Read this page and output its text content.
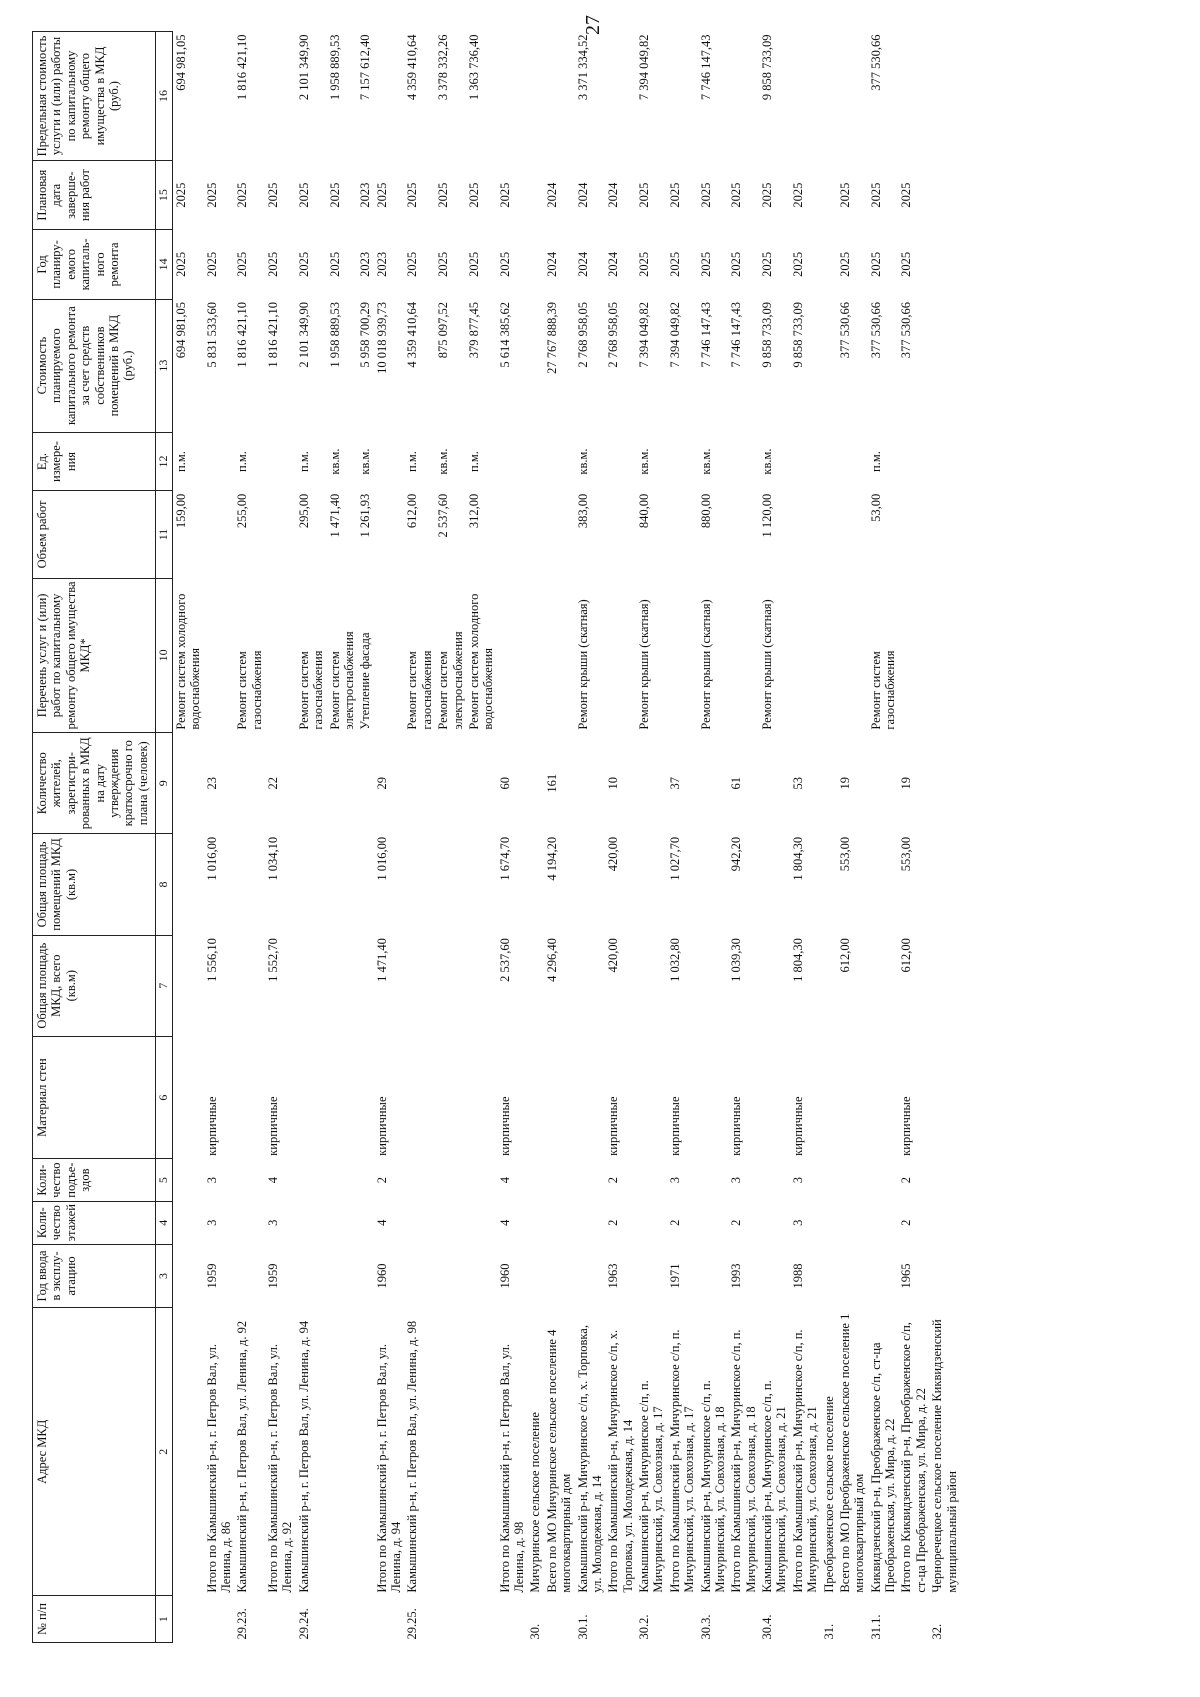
27
№ п/п	Адрес МКД	Год ввода в эксплу-атацию	Коли-чество этажей	Коли-чество подъе-здов	Материал стен	Общая площадь МКД, всего (кв.м)	Общая площадь помещений МКД (кв.м)	Количество жителей, зарегистри-рованных в МКД на дату утверждения краткосрочно го плана (человек)	Перечень услуг и (или) работ по капитальному ремонту общего имущества МКД*	Объем работ	Ед. измере-ния	Стоимость планируемого капитального ремонта за счет средств собственников помещений в МКД (руб.)	Год планиру-емого капиталь-ного ремонта	Плановая дата заверше-ния работ	Предельная стоимость услуги и (или) работы по капитальному ремонту общего имущества в МКД (руб.)
1	2	3	4	5	6	7	8	9	10	11	12	13	14	15	16
									Ремонт систем холодного водоснабжения	159,00	п.м.	694 981,05	2025	2025	694 981,05
	Итого по Камышинский р-н, г. Петров Вал, ул. Ленина, д. 86	1959	3	3	кирпичные	1 556,10	1 016,00	23				5 831 533,60	2025	2025	
29.23.	Камышинский р-н, г. Петров Вал, ул. Ленина, д. 92								Ремонт систем газоснабжения	255,00	п.м.	1 816 421,10	2025	2025	1 816 421,10
	Итого по Камышинский р-н, г. Петров Вал, ул. Ленина, д. 92	1959	3	4	кирпичные	1 552,70	1 034,10	22				1 816 421,10	2025	2025	
29.24.	Камышинский р-н, г. Петров Вал, ул. Ленина, д. 94								Ремонт систем газоснабжения	295,00	п.м.	2 101 349,90	2025	2025	2 101 349,90
									Ремонт систем электроснабжения	1 471,40	кв.м.	1 958 889,53	2025	2025	1 958 889,53
									Утепление фасада	1 261,93	кв.м.	5 958 700,29	2023	2023	7 157 612,40
	Итого по Камышинский р-н, г. Петров Вал, ул. Ленина, д. 94	1960	4	2	кирпичные	1 471,40	1 016,00	29				10 018 939,73	2023	2025	
29.25.	Камышинский р-н, г. Петров Вал, ул. Ленина, д. 98								Ремонт систем газоснабжения	612,00	п.м.	4 359 410,64	2025	2025	4 359 410,64
									Ремонт систем электроснабжения	2 537,60	кв.м.	875 097,52	2025	2025	3 378 332,26
									Ремонт систем холодного водоснабжения	312,00	п.м.	379 877,45	2025	2025	1 363 736,40
	Итого по Камышинский р-н, г. Петров Вал, ул. Ленина, д. 98	1960	4	4	кирпичные	2 537,60	1 674,70	60				5 614 385,62	2025	2025	
30.	Мичуринское сельское поселение														
	Всего по МО Мичуринское сельское поселение 4 многоквартирный дом					4 296,40	4 194,20	161				27 767 888,39	2024	2024	
30.1.	Камышинский р-н, Мичуринское с/п, х. Торповка, ул. Молодежная, д. 14								Ремонт крыши (скатная)	383,00	кв.м.	2 768 958,05	2024	2024	3 371 334,52
	Итого по Камышинский р-н, Мичуринское с/п, х. Торповка, ул. Молодежная, д. 14	1963	2	2	кирпичные	420,00	420,00	10				2 768 958,05	2024	2024	
30.2.	Камышинский р-н, Мичуринское с/п, п. Мичуринский, ул. Совхозная, д. 17								Ремонт крыши (скатная)	840,00	кв.м.	7 394 049,82	2025	2025	7 394 049,82
	Итого по Камышинский р-н, Мичуринское с/п, п. Мичуринский, ул. Совхозная, д. 17	1971	2	3	кирпичные	1 032,80	1 027,70	37				7 394 049,82	2025	2025	
30.3.	Камышинский р-н, Мичуринское с/п, п. Мичуринский, ул. Совхозная, д. 18								Ремонт крыши (скатная)	880,00	кв.м.	7 746 147,43	2025	2025	7 746 147,43
	Итого по Камышинский р-н, Мичуринское с/п, п. Мичуринский, ул. Совхозная, д. 18	1993	2	3	кирпичные	1 039,30	942,20	61				7 746 147,43	2025	2025	
30.4.	Камышинский р-н, Мичуринское с/п, п. Мичуринский, ул. Совхозная, д. 21								Ремонт крыши (скатная)	1 120,00	кв.м.	9 858 733,09	2025	2025	9 858 733,09
	Итого по Камышинский р-н, Мичуринское с/п, п. Мичуринский, ул. Совхозная, д. 21	1988	3	3	кирпичные	1 804,30	1 804,30	53				9 858 733,09	2025	2025	
31.	Преображенское сельское поселение														
	Всего по МО Преображенское сельское поселение 1 многоквартирный дом					612,00	553,00	19				377 530,66	2025	2025	
31.1.	Киквидзенский р-н, Преображенское с/п, ст-ца Преображенская, ул. Мира, д. 22								Ремонт систем газоснабжения	53,00	п.м.	377 530,66	2025	2025	377 530,66
	Итого по Киквидзенский р-н, Преображенское с/п, ст-ца Преображенская, ул. Мира, д. 22	1965	2	2	кирпичные	612,00	553,00	19				377 530,66	2025	2025	
32.	Черноречецкое сельское поселение Киквидзенский муниципальный район														
